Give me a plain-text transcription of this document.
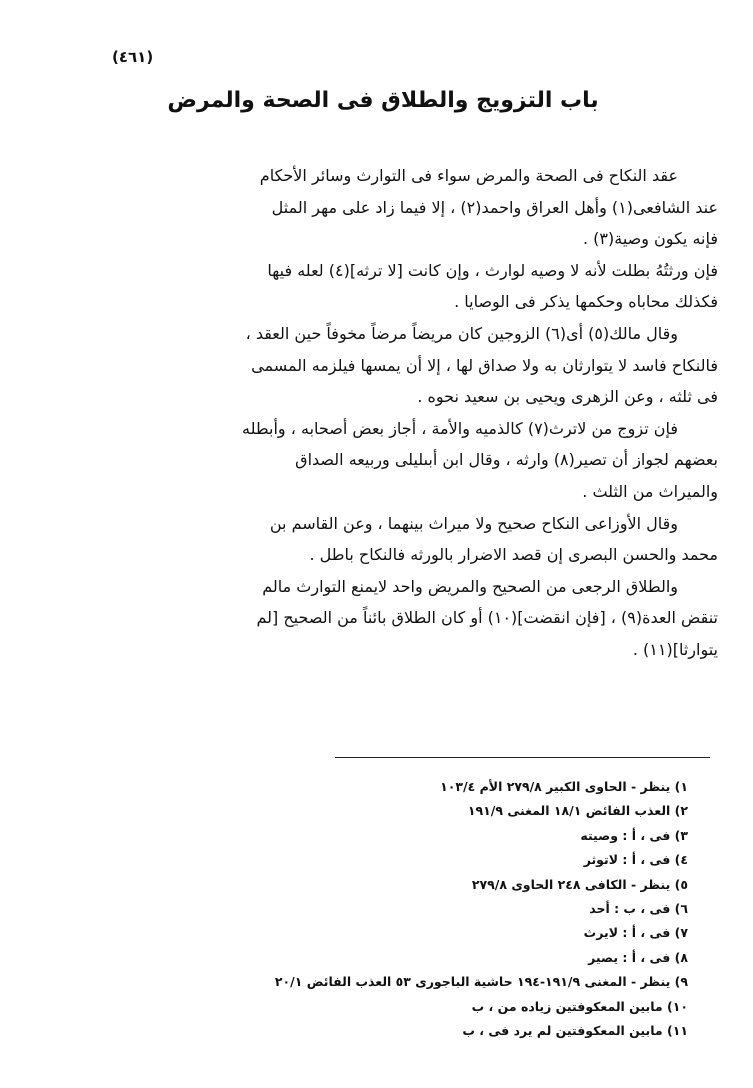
(٤٦١)
باب التزويج والطلاق فى الصحة والمرض
عقد النكاح فى الصحة والمرض سواء فى التوارث وسائر الأحكام
عند الشافعى(١) وأهل العراق واحمد(٢) ، إلا فيما زاد على مهر المثل
فإنه يكون وصية(٣) .
فإن ورثتُهُ بطلت لأنه لا وصيه لوارث ، وإن كانت [لا ترثه](٤) لعله فيها
فكذلك محاباه وحكمها يذكر فى الوصايا .
وقال مالك(٥) أى(٦) الزوجين كان مريضاً مرضاً مخوفاً حين العقد ،
فالنكاح فاسد لا يتوارثان به ولا صداق لها ، إلا أن يمسها فيلزمه المسمى
فى ثلثه ، وعن الزهرى ويحيى بن سعيد نحوه .
فإن تزوج من لاترث(٧) كالذميه والأمة ، أجاز بعض أصحابه ، وأبطله
بعضهم لجواز أن تصير(٨) وارثه ، وقال ابن أبىليلى وربيعه الصداق
والميراث من الثلث .
وقال الأوزاعى النكاح صحيح ولا ميراث بينهما ، وعن القاسم بن
محمد والحسن البصرى إن قصد الاضرار بالورثه فالنكاح باطل .
والطلاق الرجعى من الصحيح والمريض واحد لايمنع التوارث مالم
تنقض العدة(٩) ، [فإن انقضت](١٠) أو كان الطلاق بائناً من الصحيح [لم
يتوارثا](١١) .
١) ينظر - الحاوى الكبير ٢٧٩/٨ الأم ١٠٣/٤
٢) العذب الفائض ١٨/١ المغنى ١٩١/٩
٣) فى ، أ : وصيته
٤) فى ، أ : لاتوثر
٥) ينظر - الكافى ٢٤٨ الحاوى ٢٧٩/٨
٦) فى ، ب : أحد
٧) فى ، أ : لايرث
٨) فى ، أ : يصير
٩) ينظر - المغنى ١٩١/٩-١٩٤ حاشية الباجورى ٥٣ العذب الفائض ٢٠/١
١٠) مابين المعكوفتين زياده من ، ب
١١) مابين المعكوفتين لم يرد فى ، ب
